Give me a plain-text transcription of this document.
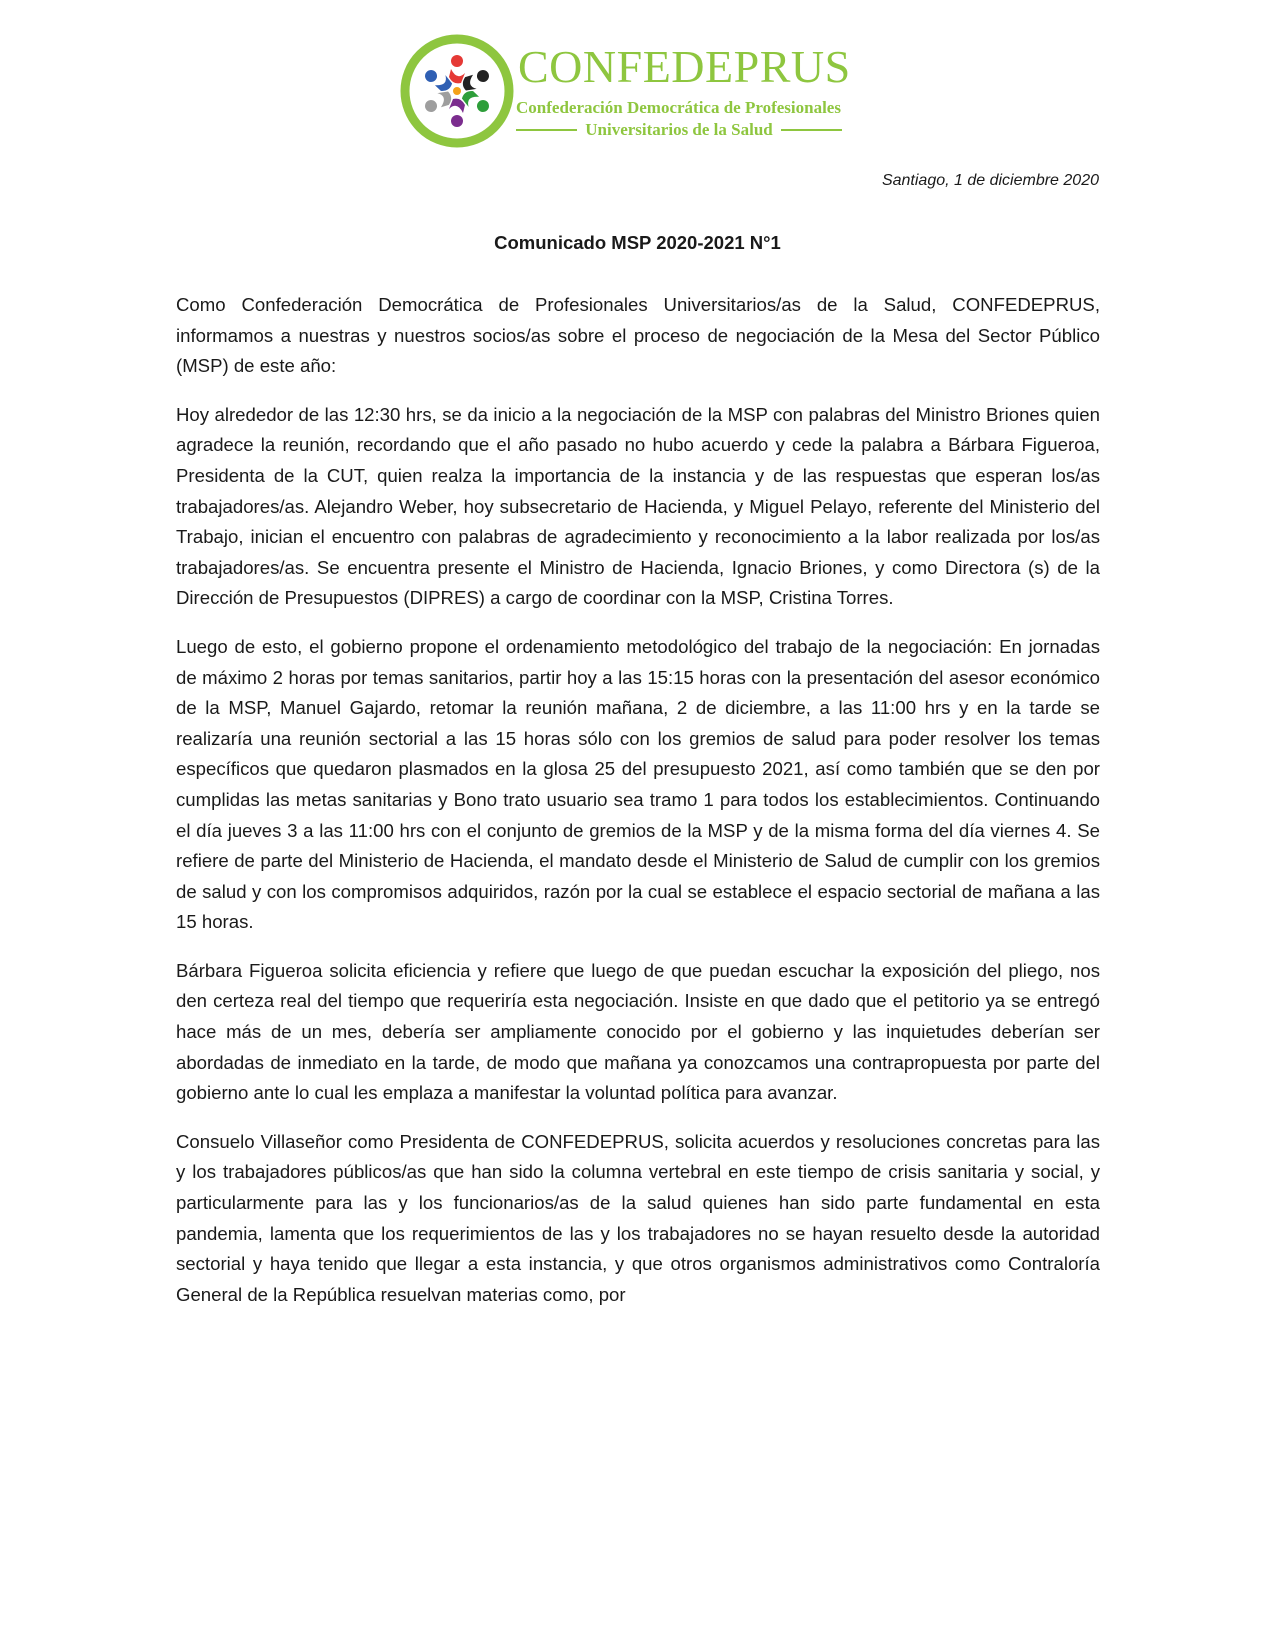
CONFEDEPRUS
Confederación Democrática de Profesionales
Universitarios de la Salud
Santiago, 1 de diciembre 2020
Comunicado MSP 2020-2021 N°1

Como Confederación Democrática de Profesionales Universitarios/as de la Salud, CONFEDEPRUS, informamos a nuestras y nuestros socios/as sobre el proceso de negociación de la Mesa del Sector Público (MSP) de este año:

Hoy alrededor de las 12:30 hrs, se da inicio a la negociación de la MSP con palabras del Ministro Briones quien agradece la reunión, recordando que el año pasado no hubo acuerdo y cede la palabra a Bárbara Figueroa, Presidenta de la CUT, quien realza la importancia de la instancia y de las respuestas que esperan los/as trabajadores/as. Alejandro Weber, hoy subsecretario de Hacienda, y Miguel Pelayo, referente del Ministerio del Trabajo, inician el encuentro con palabras de agradecimiento y reconocimiento a la labor realizada por los/as trabajadores/as. Se encuentra presente el Ministro de Hacienda, Ignacio Briones, y como Directora (s) de la Dirección de Presupuestos (DIPRES) a cargo de coordinar con la MSP, Cristina Torres.

Luego de esto, el gobierno propone el ordenamiento metodológico del trabajo de la negociación: En jornadas de máximo 2 horas por temas sanitarios, partir hoy a las 15:15 horas con la presentación del asesor económico de la MSP, Manuel Gajardo, retomar la reunión mañana, 2 de diciembre, a las 11:00 hrs y en la tarde se realizaría una reunión sectorial a las 15 horas sólo con los gremios de salud para poder resolver los temas específicos que quedaron plasmados en la glosa 25 del presupuesto 2021, así como también que se den por cumplidas las metas sanitarias y Bono trato usuario sea tramo 1 para todos los establecimientos. Continuando el día jueves 3 a las 11:00 hrs con el conjunto de gremios de la MSP y de la misma forma del día viernes 4. Se refiere de parte del Ministerio de Hacienda, el mandato desde el Ministerio de Salud de cumplir con los gremios de salud y con los compromisos adquiridos, razón por la cual se establece el espacio sectorial de mañana a las 15 horas.

Bárbara Figueroa solicita eficiencia y refiere que luego de que puedan escuchar la exposición del pliego, nos den certeza real del tiempo que requeriría esta negociación. Insiste en que dado que el petitorio ya se entregó hace más de un mes, debería ser ampliamente conocido por el gobierno y las inquietudes deberían ser abordadas de inmediato en la tarde, de modo que mañana ya conozcamos una contrapropuesta por parte del gobierno ante lo cual les emplaza a manifestar la voluntad política para avanzar.

Consuelo Villaseñor como Presidenta de CONFEDEPRUS, solicita acuerdos y resoluciones concretas para las y los trabajadores públicos/as que han sido la columna vertebral en este tiempo de crisis sanitaria y social, y particularmente para las y los funcionarios/as de la salud quienes han sido parte fundamental en esta pandemia, lamenta que los requerimientos de las y los trabajadores no se hayan resuelto desde la autoridad sectorial y haya tenido que llegar a esta instancia, y que otros organismos administrativos como Contraloría General de la República resuelvan materias como, por
